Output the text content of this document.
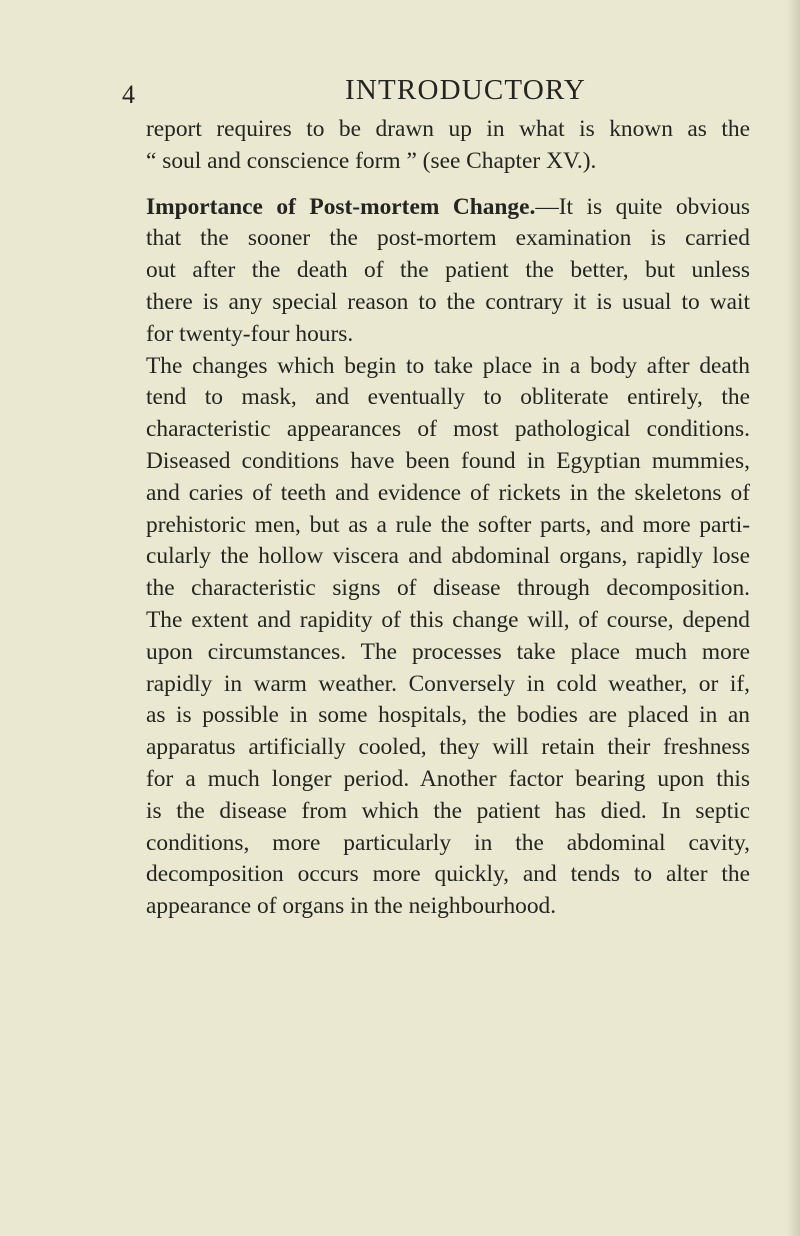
4	INTRODUCTORY
report requires to be drawn up in what is known as the
“ soul and conscience form ” (see Chapter XV.).
Importance of Post-mortem Change.—It is quite obvious
that the sooner the post-mortem examination is carried
out after the death of the patient the better, but unless
there is any special reason to the contrary it is usual to wait
for twenty-four hours.
The changes which begin to take place in a body after death
tend to mask, and eventually to obliterate entirely, the
characteristic appearances of most pathological conditions.
Diseased conditions have been found in Egyptian mummies,
and caries of teeth and evidence of rickets in the skeletons of
prehistoric men, but as a rule the softer parts, and more parti-
cularly the hollow viscera and abdominal organs, rapidly lose
the characteristic signs of disease through decomposition.
The extent and rapidity of this change will, of course, depend
upon circumstances. The processes take place much more
rapidly in warm weather. Conversely in cold weather, or if,
as is possible in some hospitals, the bodies are placed in an
apparatus artificially cooled, they will retain their freshness
for a much longer period. Another factor bearing upon this
is the disease from which the patient has died. In septic
conditions, more particularly in the abdominal cavity,
decomposition occurs more quickly, and tends to alter the
appearance of organs in the neighbourhood.
